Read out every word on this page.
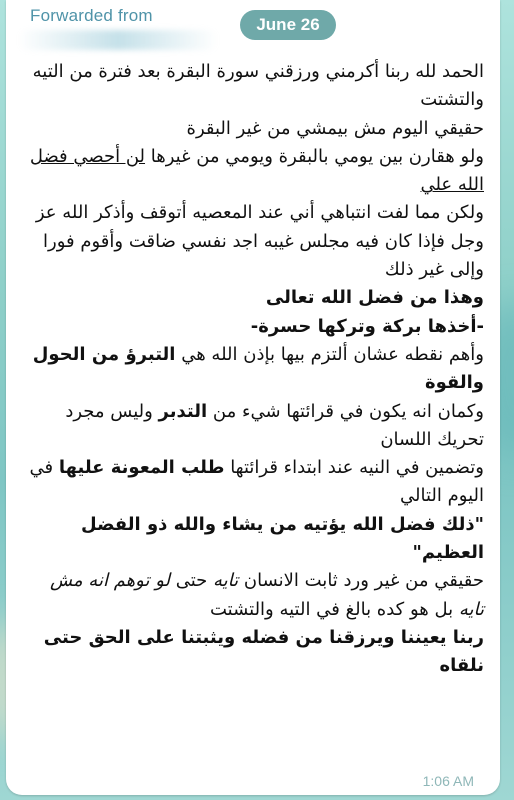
Forwarded from	June 26

الحمد لله ربنا أكرمني ورزقني سورة البقرة بعد فترة من التيه والتشتت

حقيقي اليوم مش بيمشي من غير البقرة

ولو هقارن بين يومي بالبقرة ويومي من غيرها لن أحصي فضل الله علي

ولكن مما لفت انتباهي أني عند المعصيه أتوقف وأذكر الله عز وجل فإذا كان فيه مجلس غيبه اجد نفسي ضاقت وأقوم فورا

وإلى غير ذلك

وهذا من فضل الله تعالى

-أخذها بركة وتركها حسرة-

وأهم نقطه عشان ألتزم بيها بإذن الله هي التبرؤ من الحول والقوة

وكمان انه يكون في قرائتها شيء من التدبر وليس مجرد تحريك اللسان

وتضمين في النيه عند ابتداء قرائتها طلب المعونة عليها في اليوم التالي

"ذلك فضل الله يؤتيه من يشاء والله ذو الفضل العظيم"

حقيقي من غير ورد ثابت الانسان تايه حتى لو توهم انه مش تايه بل هو كده بالغ في التيه والتشتت

ربنا يعيننا ويرزقنا من فضله ويثبتنا على الحق حتى نلقاه

1:06 AM
